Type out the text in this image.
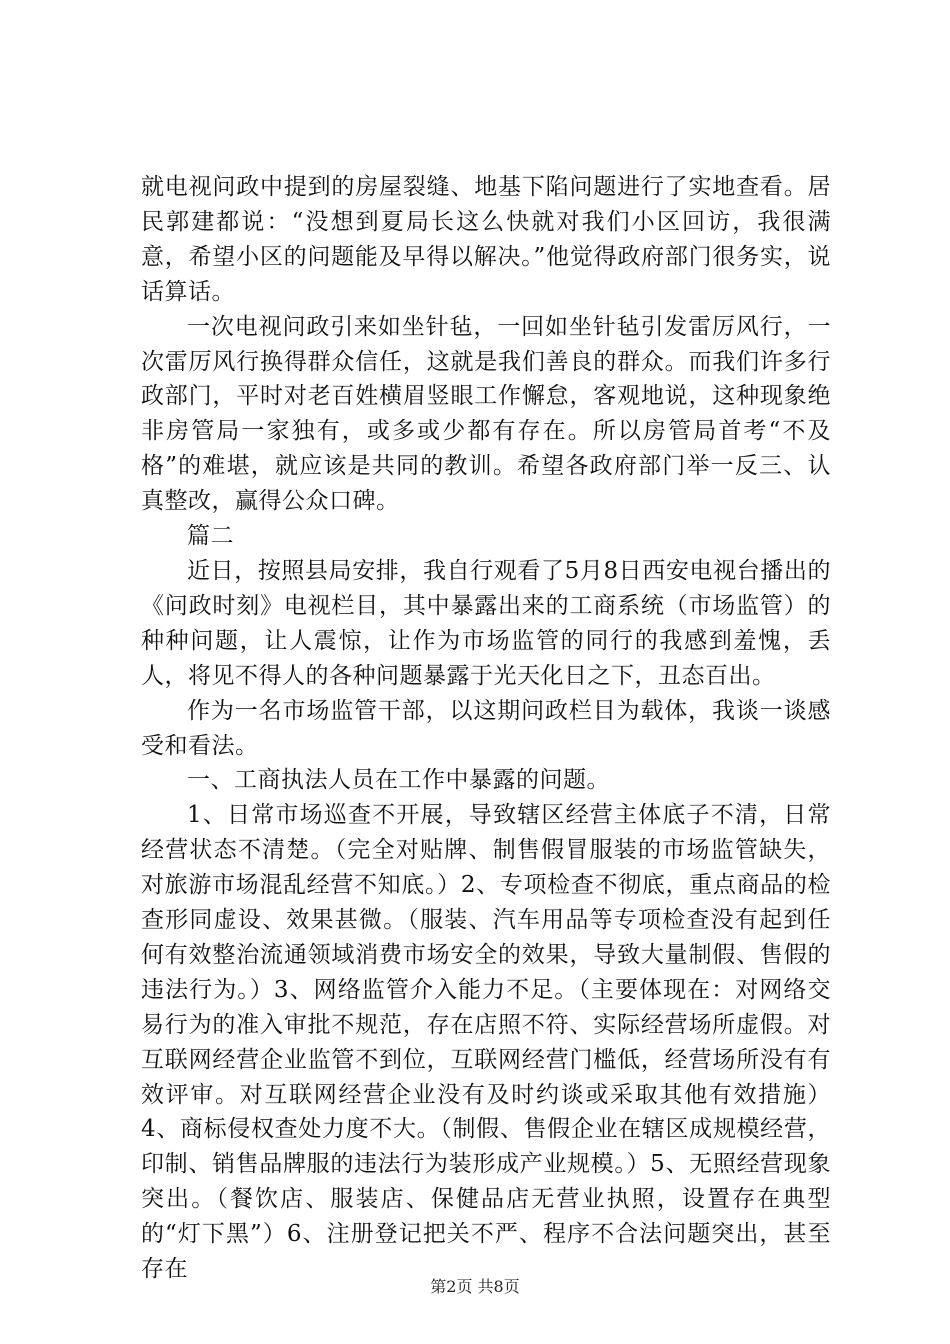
就电视问政中提到的房屋裂缝、地基下陷问题进行了实地查看。居民郭建都说：“没想到夏局长这么快就对我们小区回访，我很满意，希望小区的问题能及早得以解决。”他觉得政府部门很务实，说话算话。

一次电视问政引来如坐针毡，一回如坐针毡引发雷厉风行，一次雷厉风行换得群众信任，这就是我们善良的群众。而我们许多行政部门，平时对老百姓横眉竖眼工作懈怠，客观地说，这种现象绝非房管局一家独有，或多或少都有存在。所以房管局首考“不及格”的难堪，就应该是共同的教训。希望各政府部门举一反三、认真整改，赢得公众口碑。

篇二

近日，按照县局安排，我自行观看了5月8日西安电视台播出的《问政时刻》电视栏目，其中暴露出来的工商系统（市场监管）的种种问题，让人震惊，让作为市场监管的同行的我感到羞愧，丢人，将见不得人的各种问题暴露于光天化日之下，丑态百出。

作为一名市场监管干部，以这期问政栏目为载体，我谈一谈感受和看法。

一、工商执法人员在工作中暴露的问题。

1、日常市场巡查不开展，导致辖区经营主体底子不清，日常经营状态不清楚。（完全对贴牌、制售假冒服装的市场监管缺失，对旅游市场混乱经营不知底。）2、专项检查不彻底，重点商品的检查形同虚设、效果甚微。（服装、汽车用品等专项检查没有起到任何有效整治流通领域消费市场安全的效果，导致大量制假、售假的违法行为。）3、网络监管介入能力不足。（主要体现在：对网络交易行为的准入审批不规范，存在店照不符、实际经营场所虚假。对互联网经营企业监管不到位，互联网经营门槛低，经营场所没有有效评审。对互联网经营企业没有及时约谈或采取其他有效措施）4、商标侵权查处力度不大。（制假、售假企业在辖区成规模经营，印制、销售品牌服的违法行为装形成产业规模。）5、无照经营现象突出。（餐饮店、服装店、保健品店无营业执照，设置存在典型的“灯下黑”）6、注册登记把关不严、程序不合法问题突出，甚至存在

第2页 共8页
